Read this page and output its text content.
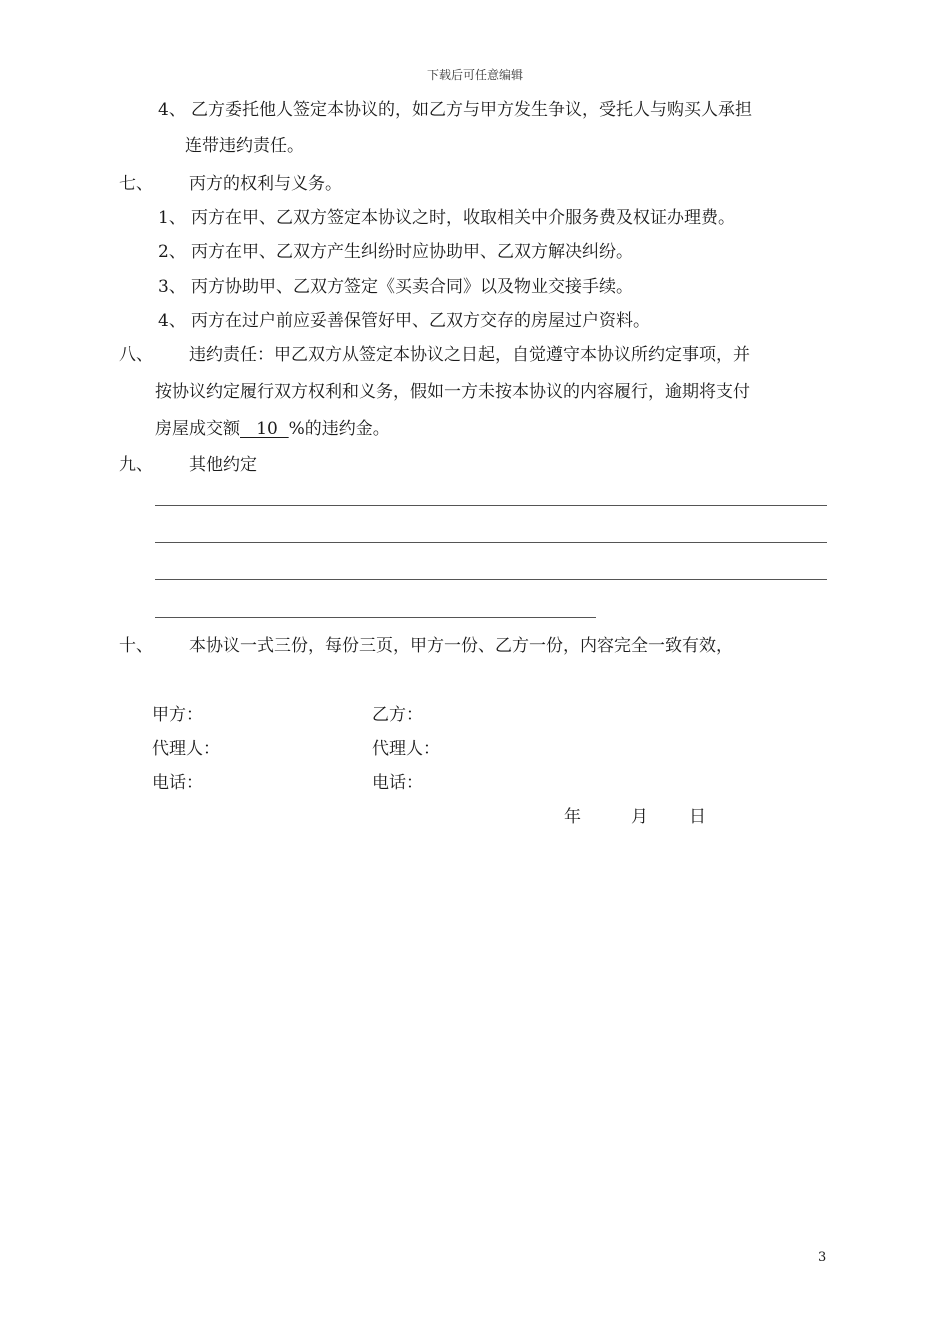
下载后可任意编辑
4、 乙方委托他人签定本协议的，如乙方与甲方发生争议，受托人与购买人承担
连带违约责任。
七、 丙方的权利与义务。
1、 丙方在甲、乙双方签定本协议之时，收取相关中介服务费及权证办理费。
2、 丙方在甲、乙双方产生纠纷时应协助甲、乙双方解决纠纷。
3、 丙方协助甲、乙双方签定《买卖合同》以及物业交接手续。
4、 丙方在过户前应妥善保管好甲、乙双方交存的房屋过户资料。
八、 违约责任：甲乙双方从签定本协议之日起，自觉遵守本协议所约定事项，并
按协议约定履行双方权利和义务，假如一方未按本协议的内容履行，逾期将支付
房屋成交额   10  %的违约金。
九、 其他约定
十、 本协议一式三份，每份三页，甲方一份、乙方一份，内容完全一致有效，
甲方：	乙方：
代理人：	代理人：
电话：	电话：
年	月 日
3
